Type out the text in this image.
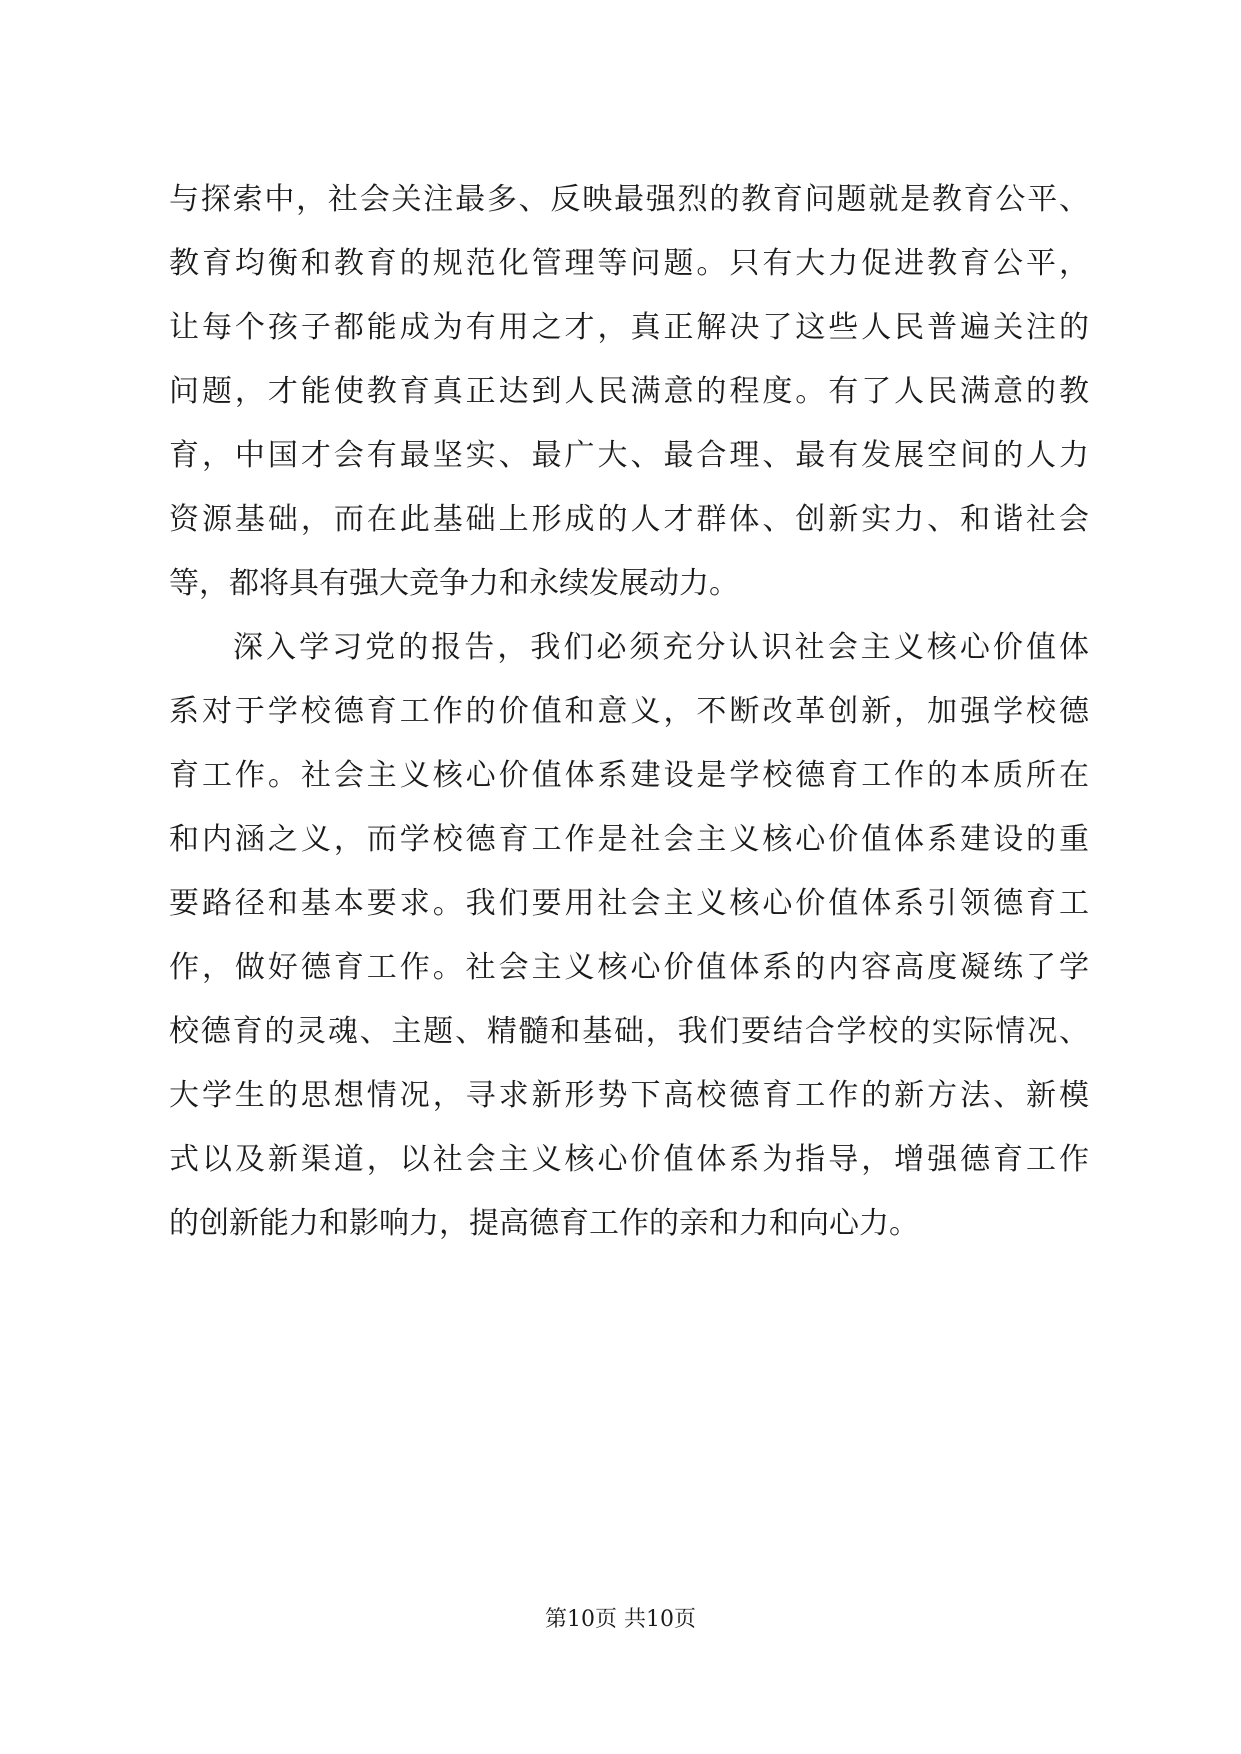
与探索中，社会关注最多、反映最强烈的教育问题就是教育公平、
教育均衡和教育的规范化管理等问题。只有大力促进教育公平，
让每个孩子都能成为有用之才，真正解决了这些人民普遍关注的
问题，才能使教育真正达到人民满意的程度。有了人民满意的教
育，中国才会有最坚实、最广大、最合理、最有发展空间的人力
资源基础，而在此基础上形成的人才群体、创新实力、和谐社会
等，都将具有强大竞争力和永续发展动力。
深入学习党的报告，我们必须充分认识社会主义核心价值体
系对于学校德育工作的价值和意义，不断改革创新，加强学校德
育工作。社会主义核心价值体系建设是学校德育工作的本质所在
和内涵之义，而学校德育工作是社会主义核心价值体系建设的重
要路径和基本要求。我们要用社会主义核心价值体系引领德育工
作，做好德育工作。社会主义核心价值体系的内容高度凝练了学
校德育的灵魂、主题、精髓和基础，我们要结合学校的实际情况、
大学生的思想情况，寻求新形势下高校德育工作的新方法、新模
式以及新渠道，以社会主义核心价值体系为指导，增强德育工作
的创新能力和影响力，提高德育工作的亲和力和向心力。
第10页 共10页
